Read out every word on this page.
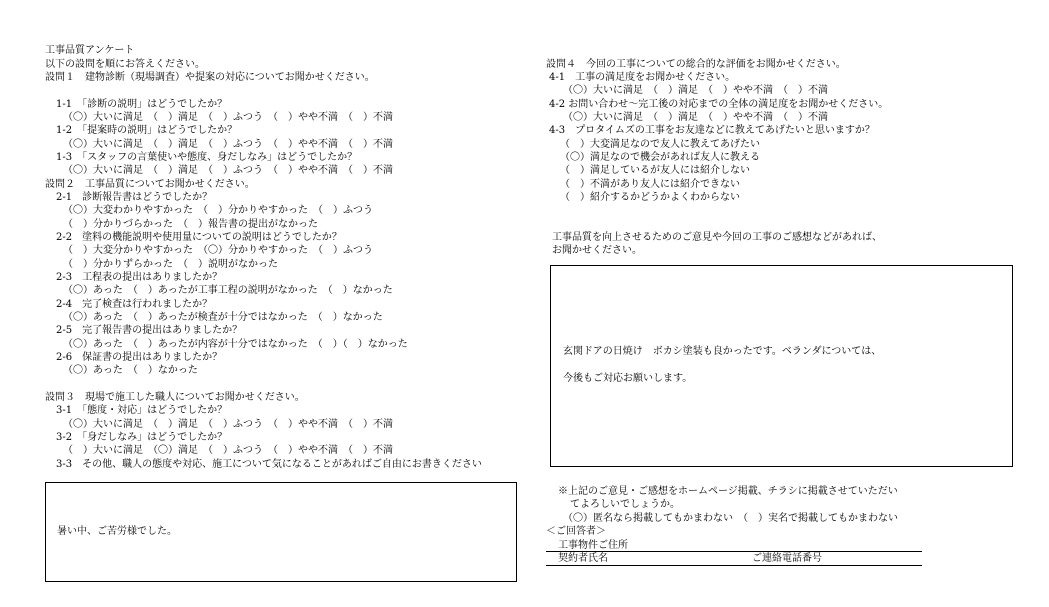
工事品質アンケート
以下の設問を順にお答えください。
設問１　建物診断（現場調査）や提案の対応についてお聞かせください。
1-1　「診断の説明」はどうでしたか？
（〇）大いに満足　（　）満足　（　）ふつう　（　）やや不満　（　）不満
1-2　「提案時の説明」はどうでしたか？
（〇）大いに満足　（　）満足　（　）ふつう　（　）やや不満　（　）不満
1-3　「スタッフの言葉使いや態度、身だしなみ」はどうでしたか？
（〇）大いに満足　（　）満足　（　）ふつう　（　）やや不満　（　）不満
設問２　工事品質についてお聞かせください。
2-1　診断報告書はどうでしたか？
（〇）大変わかりやすかった　（　）分かりやすかった　（　）ふつう
（　）分かりづらかった　（　）報告書の提出がなかった
2-2　塗料の機能説明や使用量についての説明はどうでしたか？
（　）大変分かりやすかった　（〇）分かりやすかった　（　）ふつう
（　）分かりずらかった　（　）説明がなかった
2-3　工程表の提出はありましたか？
（〇）あった　（　）あったが工事工程の説明がなかった　（　）なかった
2-4　完了検査は行われましたか？
（〇）あった　（　）あったが検査が十分ではなかった　（　）なかった
2-5　完了報告書の提出はありましたか？
（〇）あった　（　）あったが内容が十分ではなかった　（　）（　）なかった
2-6　保証書の提出はありましたか？
（〇）あった　（　）なかった
設問３　現場で施工した職人についてお聞かせください。
3-1　「態度・対応」はどうでしたか？
（〇）大いに満足　（　）満足　（　）ふつう　（　）やや不満　（　）不満
3-2　「身だしなみ」はどうでしたか？
（　）大いに満足　（〇）満足　（　）ふつう　（　）やや不満　（　）不満
3-3　その他、職人の態度や対応、施工について気になることがあればご自由にお書きください
暑い中、ご苦労様でした。
設問４　今回の工事についての総合的な評価をお聞かせください。
4-1　工事の満足度をお聞かせください。
（〇）大いに満足　（　）満足　（　）やや不満　（　）不満
4-2 お問い合わせ～完工後の対応までの全体の満足度をお聞かせください。
（〇）大いに満足　（　）満足　（　）やや不満　（　）不満
4-3　プロタイムズの工事をお友達などに教えてあげたいと思いますか？
（　）大変満足なので友人に教えてあげたい
（〇）満足なので機会があれば友人に教える
（　）満足しているが友人には紹介しない
（　）不満があり友人には紹介できない
（　）紹介するかどうかよくわからない
工事品質を向上させるためのご意見や今回の工事のご感想などがあれば、
お聞かせください。
玄関ドアの日焼け　ボカシ塗装も良かったです。ベランダについては、
今後もご対応お願いします。
※上記のご意見・ご感想をホームページ掲載、チラシに掲載させていただい
てよろしいでしょうか。
（〇）匿名なら掲載してもかまわない　（　）実名で掲載してもかまわない
＜ご回答者＞
工事物件ご住所
契約者氏名	ご連絡電話番号
